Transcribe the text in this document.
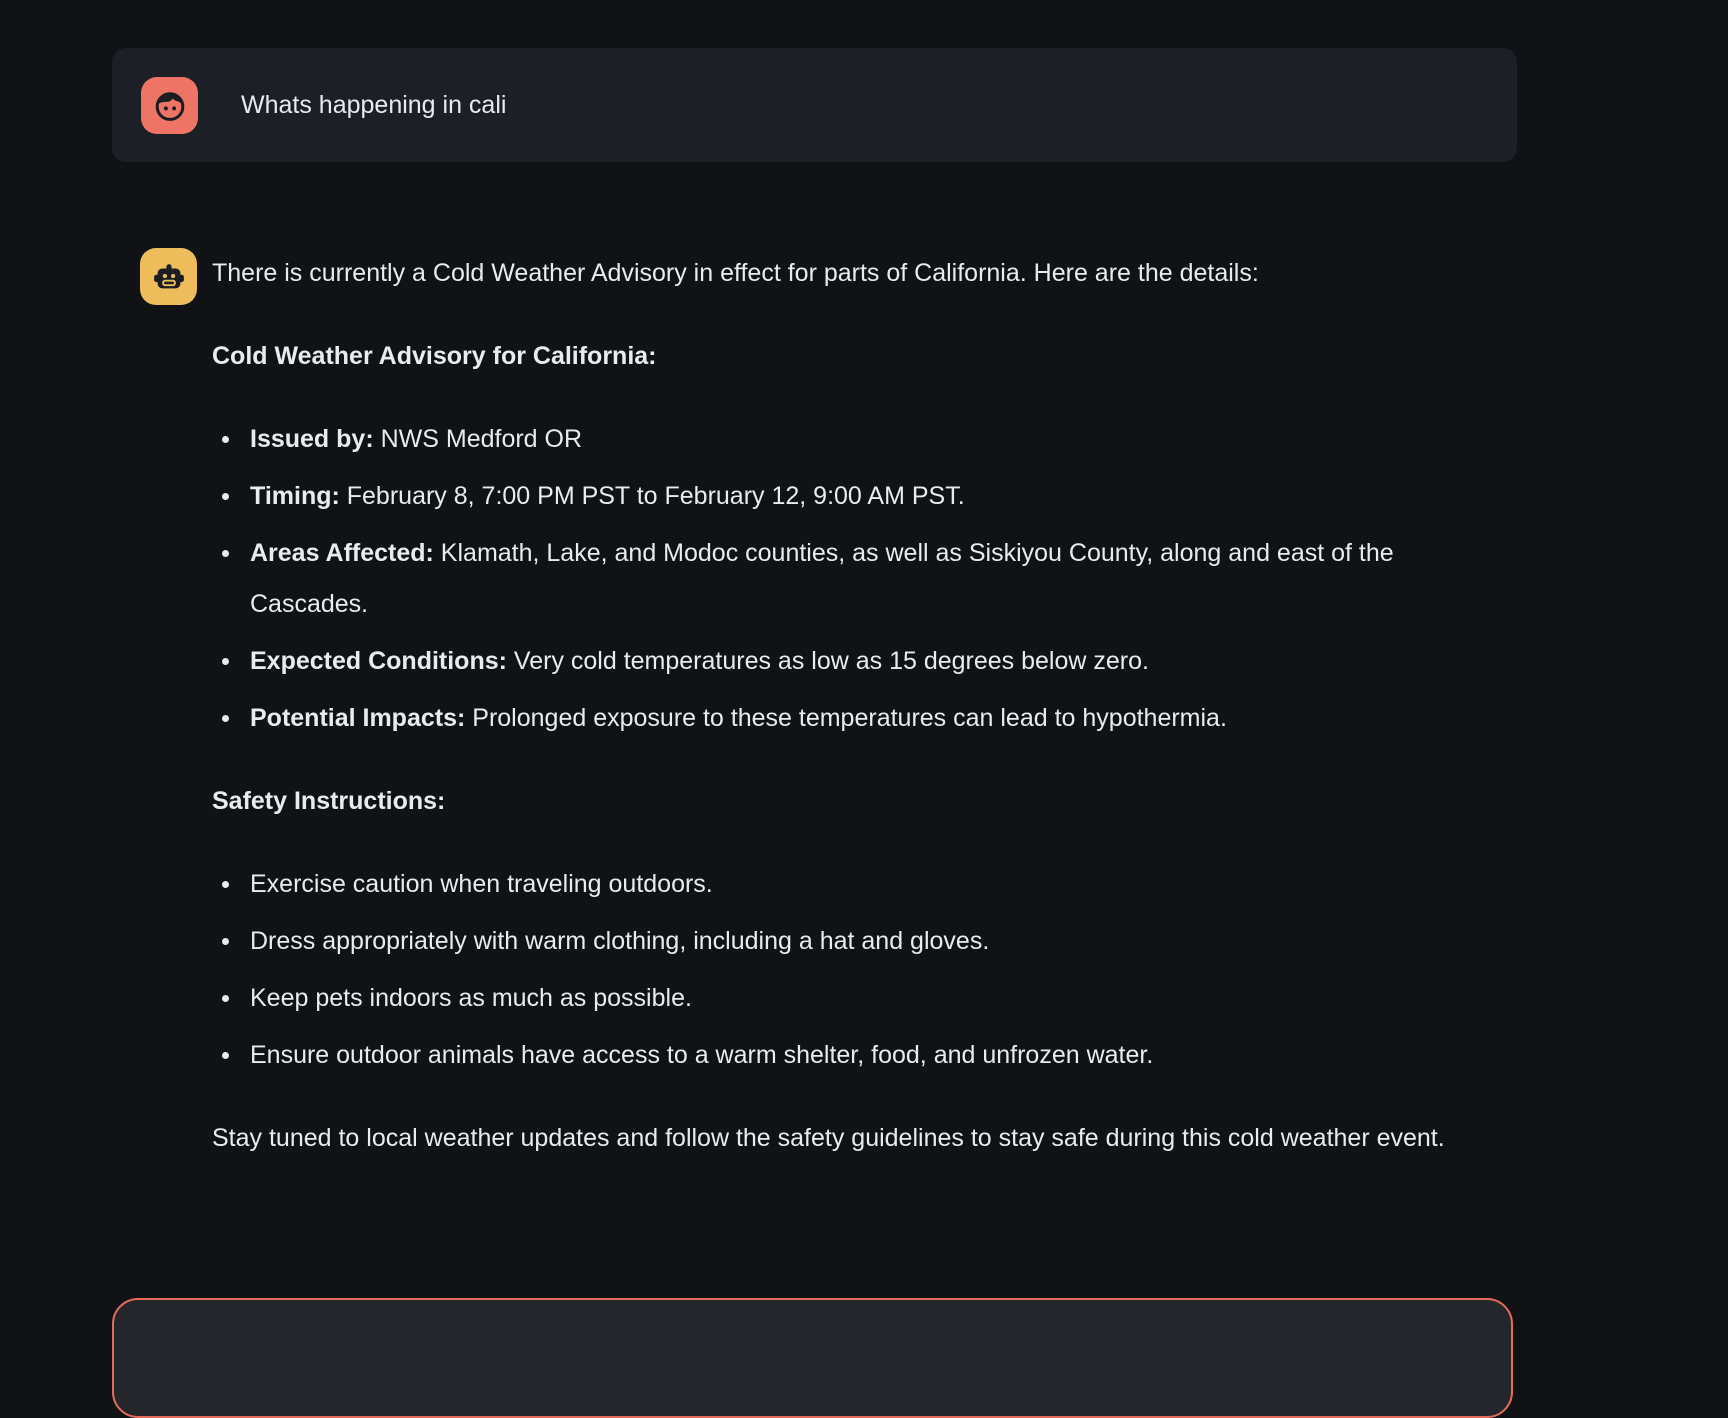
Whats happening in cali

There is currently a Cold Weather Advisory in effect for parts of California. Here are the details:

Cold Weather Advisory for California:

Issued by: NWS Medford OR
Timing: February 8, 7:00 PM PST to February 12, 9:00 AM PST.
Areas Affected: Klamath, Lake, and Modoc counties, as well as Siskiyou County, along and east of the Cascades.
Expected Conditions: Very cold temperatures as low as 15 degrees below zero.
Potential Impacts: Prolonged exposure to these temperatures can lead to hypothermia.

Safety Instructions:

Exercise caution when traveling outdoors.
Dress appropriately with warm clothing, including a hat and gloves.
Keep pets indoors as much as possible.
Ensure outdoor animals have access to a warm shelter, food, and unfrozen water.

Stay tuned to local weather updates and follow the safety guidelines to stay safe during this cold weather event.
